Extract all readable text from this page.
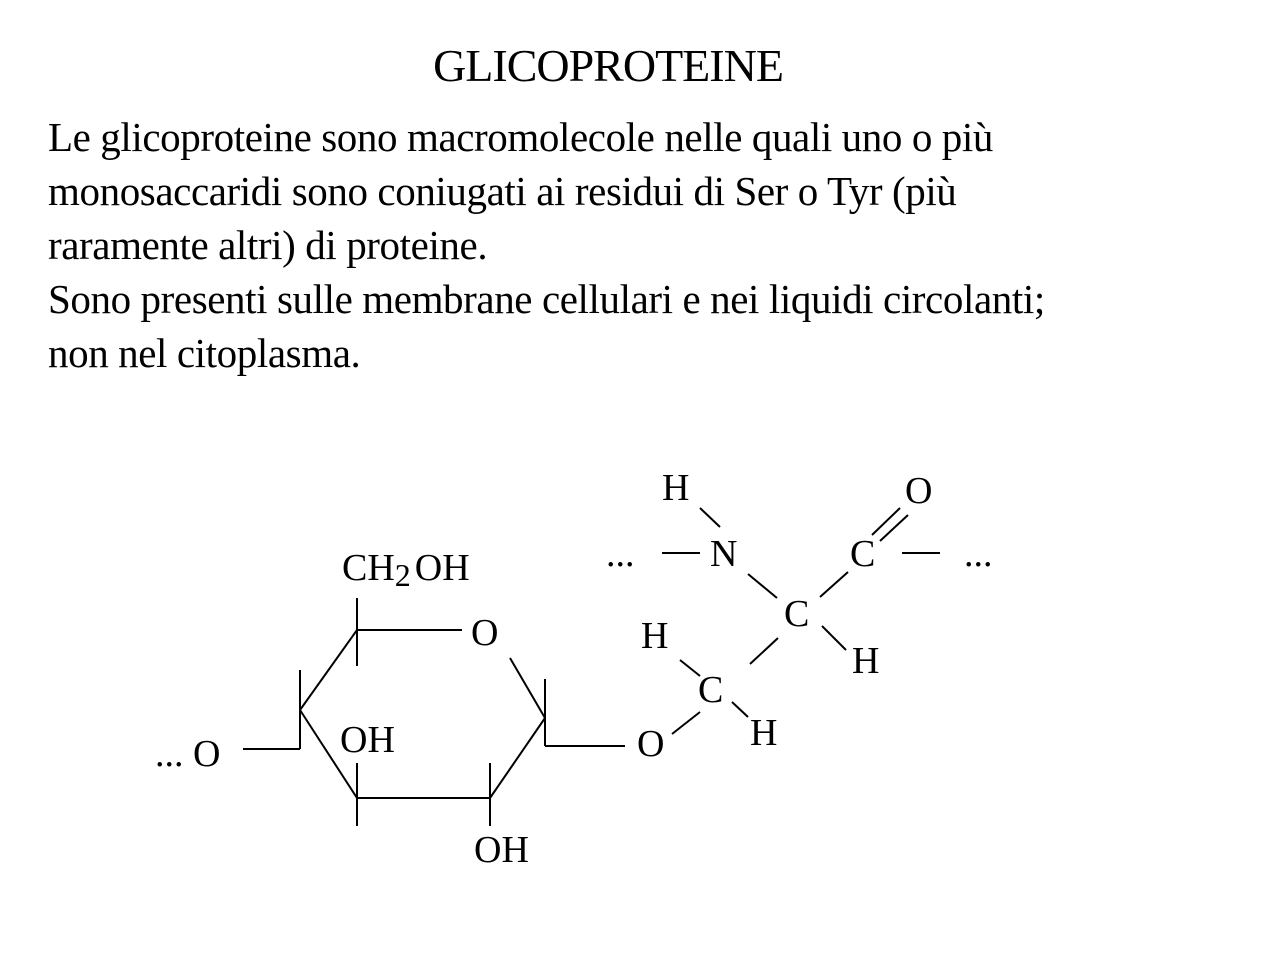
GLICOPROTEINE
Le glicoproteine sono macromolecole nelle quali uno o più
monosaccaridi sono coniugati ai residui di Ser o Tyr (più
raramente altri) di proteine.
Sono presenti sulle membrane cellulari e nei liquidi circolanti;
non nel citoplasma.
CH2 OH
O
OH
OH
... O	O
...
H
N
O
C ...
C
H
H
C
H
